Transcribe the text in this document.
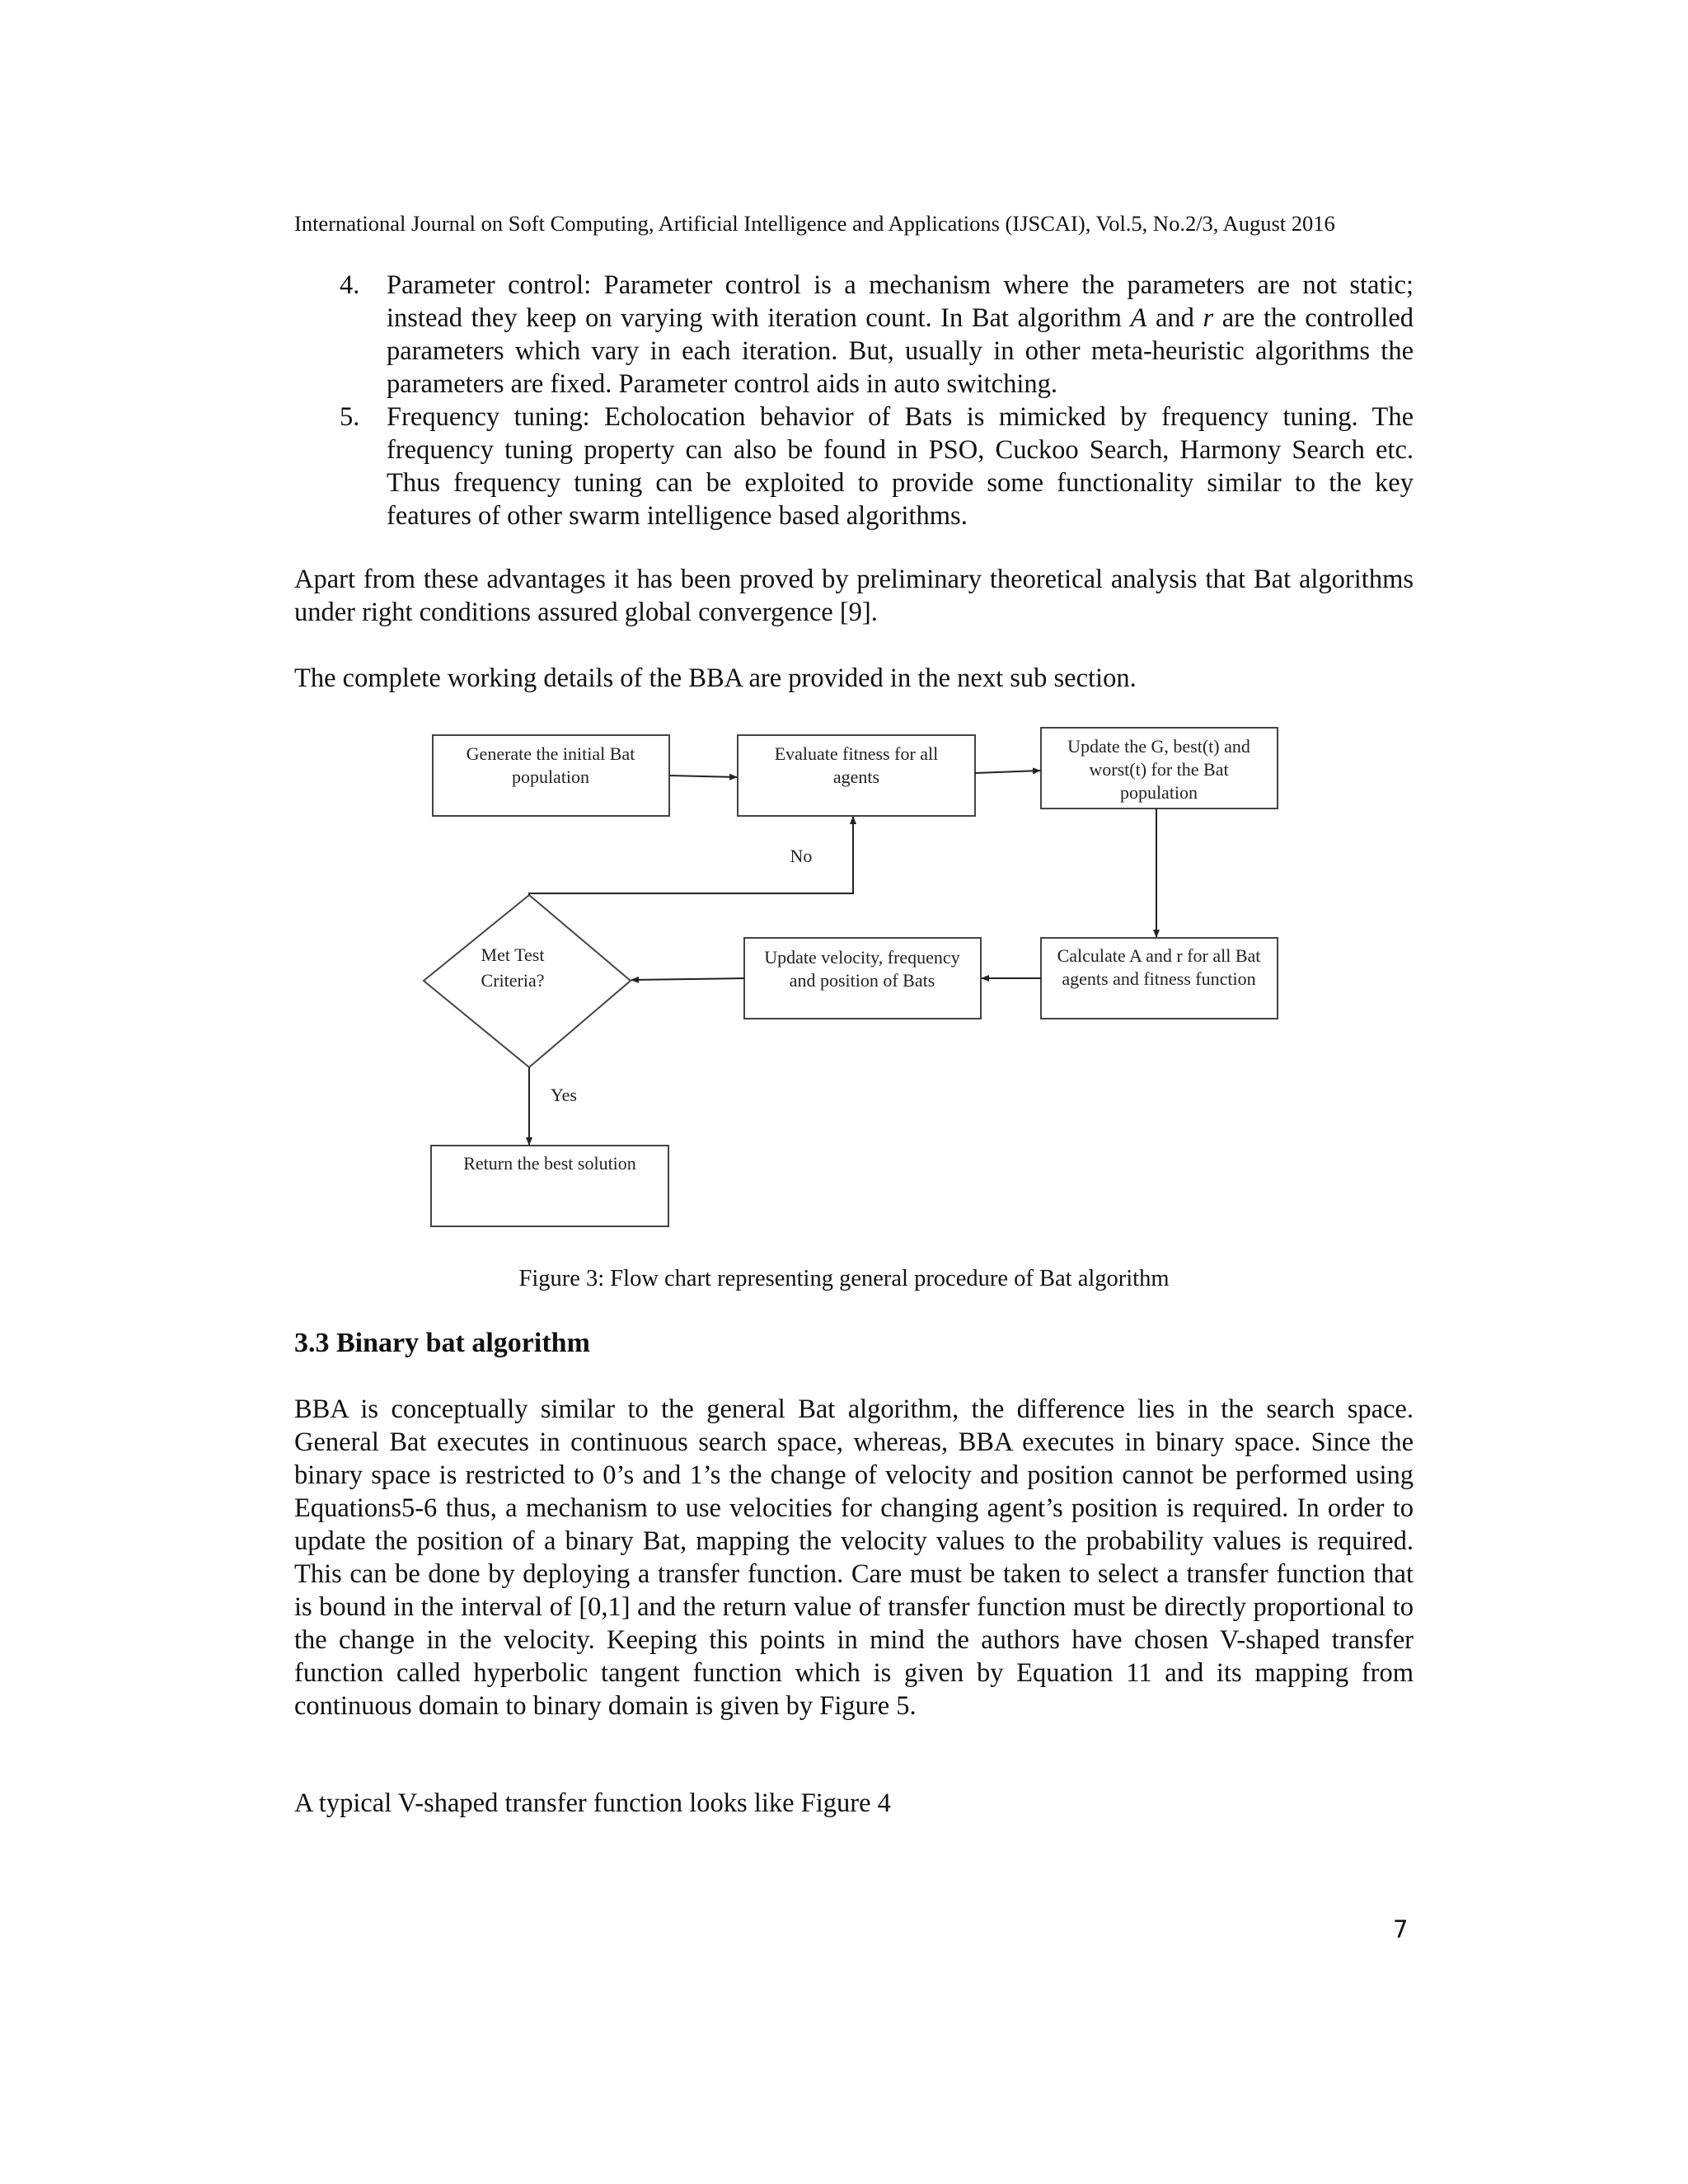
International Journal on Soft Computing, Artificial Intelligence and Applications (IJSCAI), Vol.5, No.2/3, August 2016
4. Parameter control: Parameter control is a mechanism where the parameters are not static; instead they keep on varying with iteration count. In Bat algorithm A and r are the controlled parameters which vary in each iteration. But, usually in other meta-heuristic algorithms the parameters are fixed. Parameter control aids in auto switching.
5. Frequency tuning: Echolocation behavior of Bats is mimicked by frequency tuning. The frequency tuning property can also be found in PSO, Cuckoo Search, Harmony Search etc. Thus frequency tuning can be exploited to provide some functionality similar to the key features of other swarm intelligence based algorithms.

Apart from these advantages it has been proved by preliminary theoretical analysis that Bat algorithms under right conditions assured global convergence [9].

The complete working details of the BBA are provided in the next sub section.

Generate the initial Bat
population
Evaluate fitness for all
agents
Update the G, best(t) and
worst(t) for the Bat
population
Met Test
Criteria?
Update velocity, frequency
and position of Bats
Calculate A and r for all Bat
agents and fitness function
Return the best solution
No
Yes
Figure 3: Flow chart representing general procedure of Bat algorithm
3.3 Binary bat algorithm

BBA is conceptually similar to the general Bat algorithm, the difference lies in the search space. General Bat executes in continuous search space, whereas, BBA executes in binary space. Since the binary space is restricted to 0’s and 1’s the change of velocity and position cannot be performed using Equations5-6 thus, a mechanism to use velocities for changing agent’s position is required. In order to update the position of a binary Bat, mapping the velocity values to the probability values is required. This can be done by deploying a transfer function. Care must be taken to select a transfer function that is bound in the interval of [0,1] and the return value of transfer function must be directly proportional to the change in the velocity. Keeping this points in mind the authors have chosen V-shaped transfer function called hyperbolic tangent function which is given by Equation 11 and its mapping from continuous domain to binary domain is given by Figure 5.

A typical V-shaped transfer function looks like Figure 4

7
